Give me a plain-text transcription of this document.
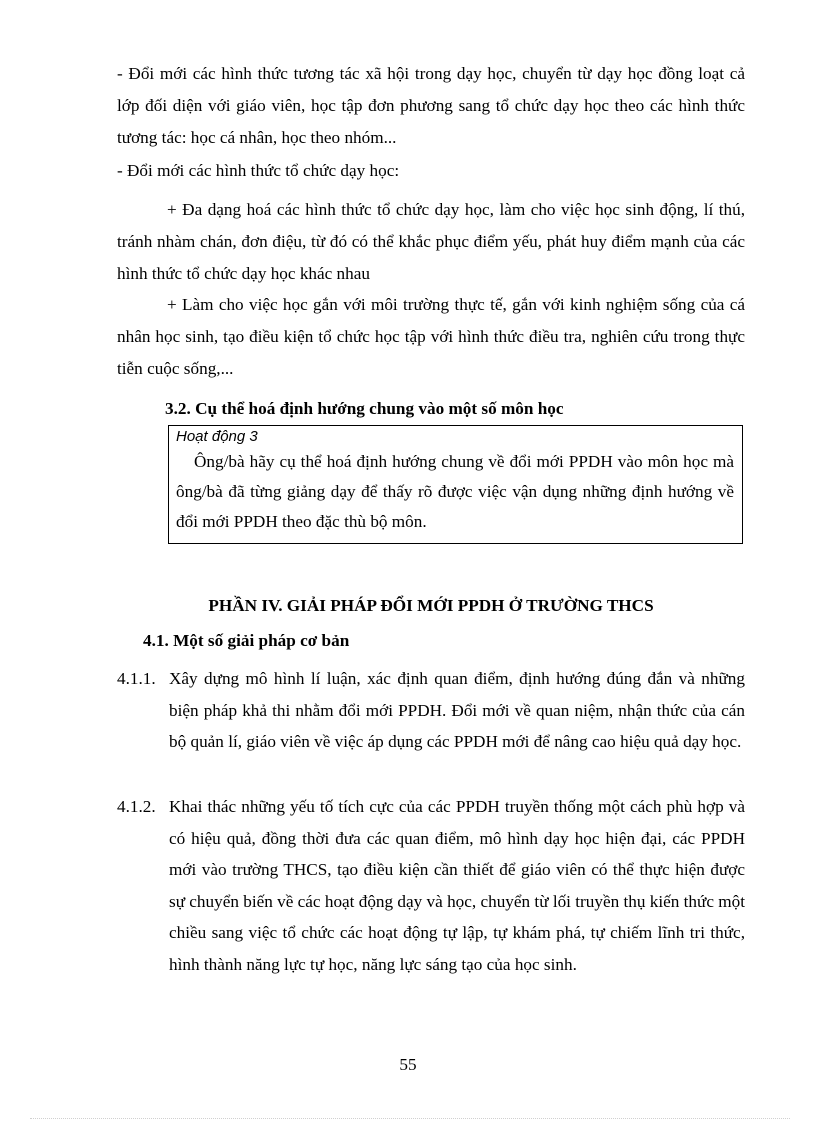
- Đổi mới các hình thức tương tác xã hội trong dạy học, chuyển từ dạy học đồng loạt cả lớp đối diện với giáo viên, học tập đơn phương sang tổ chức dạy học theo các hình thức tương tác: học cá nhân, học theo nhóm...

- Đổi mới các hình thức tổ chức dạy học:

+ Đa dạng hoá các hình thức tổ chức dạy học, làm cho việc học sinh động, lí thú, tránh nhàm chán, đơn điệu, từ đó có thể khắc phục điểm yếu, phát huy điểm mạnh của các hình thức tổ chức dạy học khác nhau

+ Làm cho việc học gắn với môi trường thực tế, gắn với kinh nghiệm sống của cá nhân học sinh, tạo điều kiện tổ chức học tập với hình thức điều tra, nghiên cứu trong thực tiễn cuộc sống,...

3.2. Cụ thể hoá định hướng chung vào một số môn học

Hoạt động 3

Ông/bà hãy cụ thể hoá định hướng chung về đổi mới PPDH vào môn học mà ông/bà đã từng giảng dạy để thấy rõ được việc vận dụng những định hướng về đổi mới PPDH theo đặc thù bộ môn.

PHẦN IV. GIẢI PHÁP ĐỔI MỚI PPDH Ở TRƯỜNG THCS

4.1. Một số giải pháp cơ bản

4.1.1. Xây dựng mô hình lí luận, xác định quan điểm, định hướng đúng đắn và những biện pháp khả thi nhằm đổi mới PPDH. Đổi mới về quan niệm, nhận thức của cán bộ quản lí, giáo viên về việc áp dụng các PPDH mới để nâng cao hiệu quả dạy học.
4.1.2. Khai thác những yếu tố tích cực của các PPDH truyền thống một cách phù hợp và có hiệu quả, đồng thời đưa các quan điểm, mô hình dạy học hiện đại, các PPDH mới vào trường THCS, tạo điều kiện cần thiết để giáo viên có thể thực hiện được sự chuyển biến về các hoạt động dạy và học, chuyển từ lối truyền thụ kiến thức một chiều sang việc tổ chức các hoạt động tự lập, tự khám phá, tự chiếm lĩnh tri thức, hình thành năng lực tự học, năng lực sáng tạo của học sinh.

55
